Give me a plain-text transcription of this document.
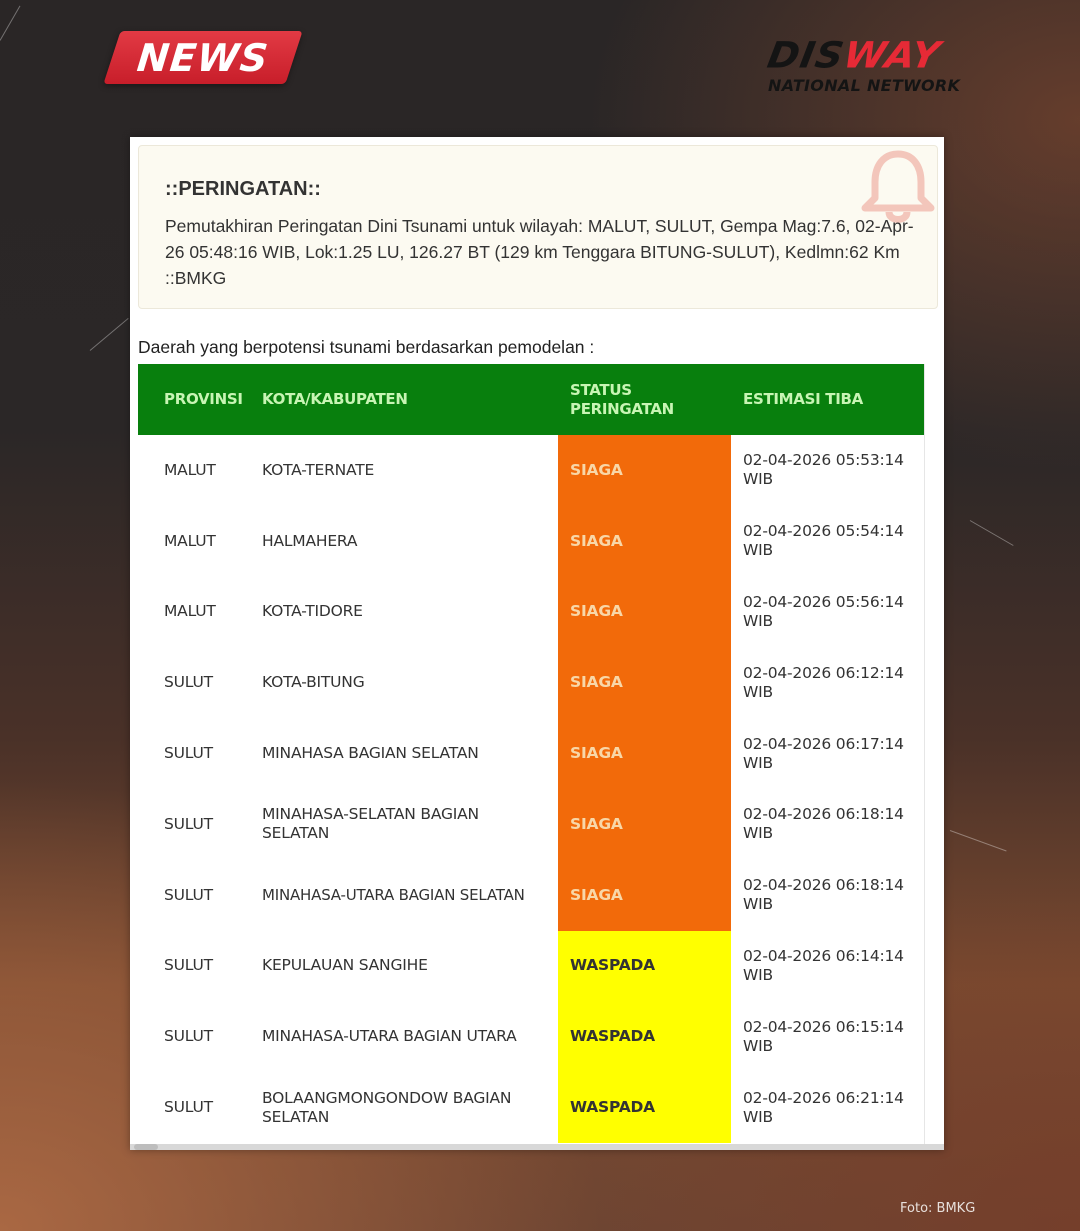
NEWS	DISWAY
NATIONAL NETWORK
::PERINGATAN::
Pemutakhiran Peringatan Dini Tsunami untuk wilayah: MALUT, SULUT, Gempa Mag:7.6, 02-Apr-26 05:48:16 WIB, Lok:1.25 LU, 126.27 BT (129 km Tenggara BITUNG-SULUT), Kedlmn:62 Km ::BMKG
Daerah yang berpotensi tsunami berdasarkan pemodelan :
PROVINSI	KOTA/KABUPATEN	STATUS PERINGATAN	ESTIMASI TIBA
MALUT	KOTA-TERNATE	SIAGA	02-04-2026 05:53:14 WIB

MALUT	HALMAHERA	SIAGA	02-04-2026 05:54:14 WIB

MALUT	KOTA-TIDORE	SIAGA	02-04-2026 05:56:14 WIB

SULUT	KOTA-BITUNG	SIAGA	02-04-2026 06:12:14 WIB

SULUT	MINAHASA BAGIAN SELATAN	SIAGA	02-04-2026 06:17:14 WIB

SULUT	MINAHASA-SELATAN BAGIAN SELATAN	SIAGA	02-04-2026 06:18:14 WIB

SULUT	MINAHASA-UTARA BAGIAN SELATAN	SIAGA	02-04-2026 06:18:14 WIB

SULUT	KEPULAUAN SANGIHE	WASPADA	02-04-2026 06:14:14 WIB

SULUT	MINAHASA-UTARA BAGIAN UTARA	WASPADA	02-04-2026 06:15:14 WIB

SULUT	BOLAANGMONGONDOW BAGIAN SELATAN	WASPADA	02-04-2026 06:21:14 WIB
Foto: BMKG
